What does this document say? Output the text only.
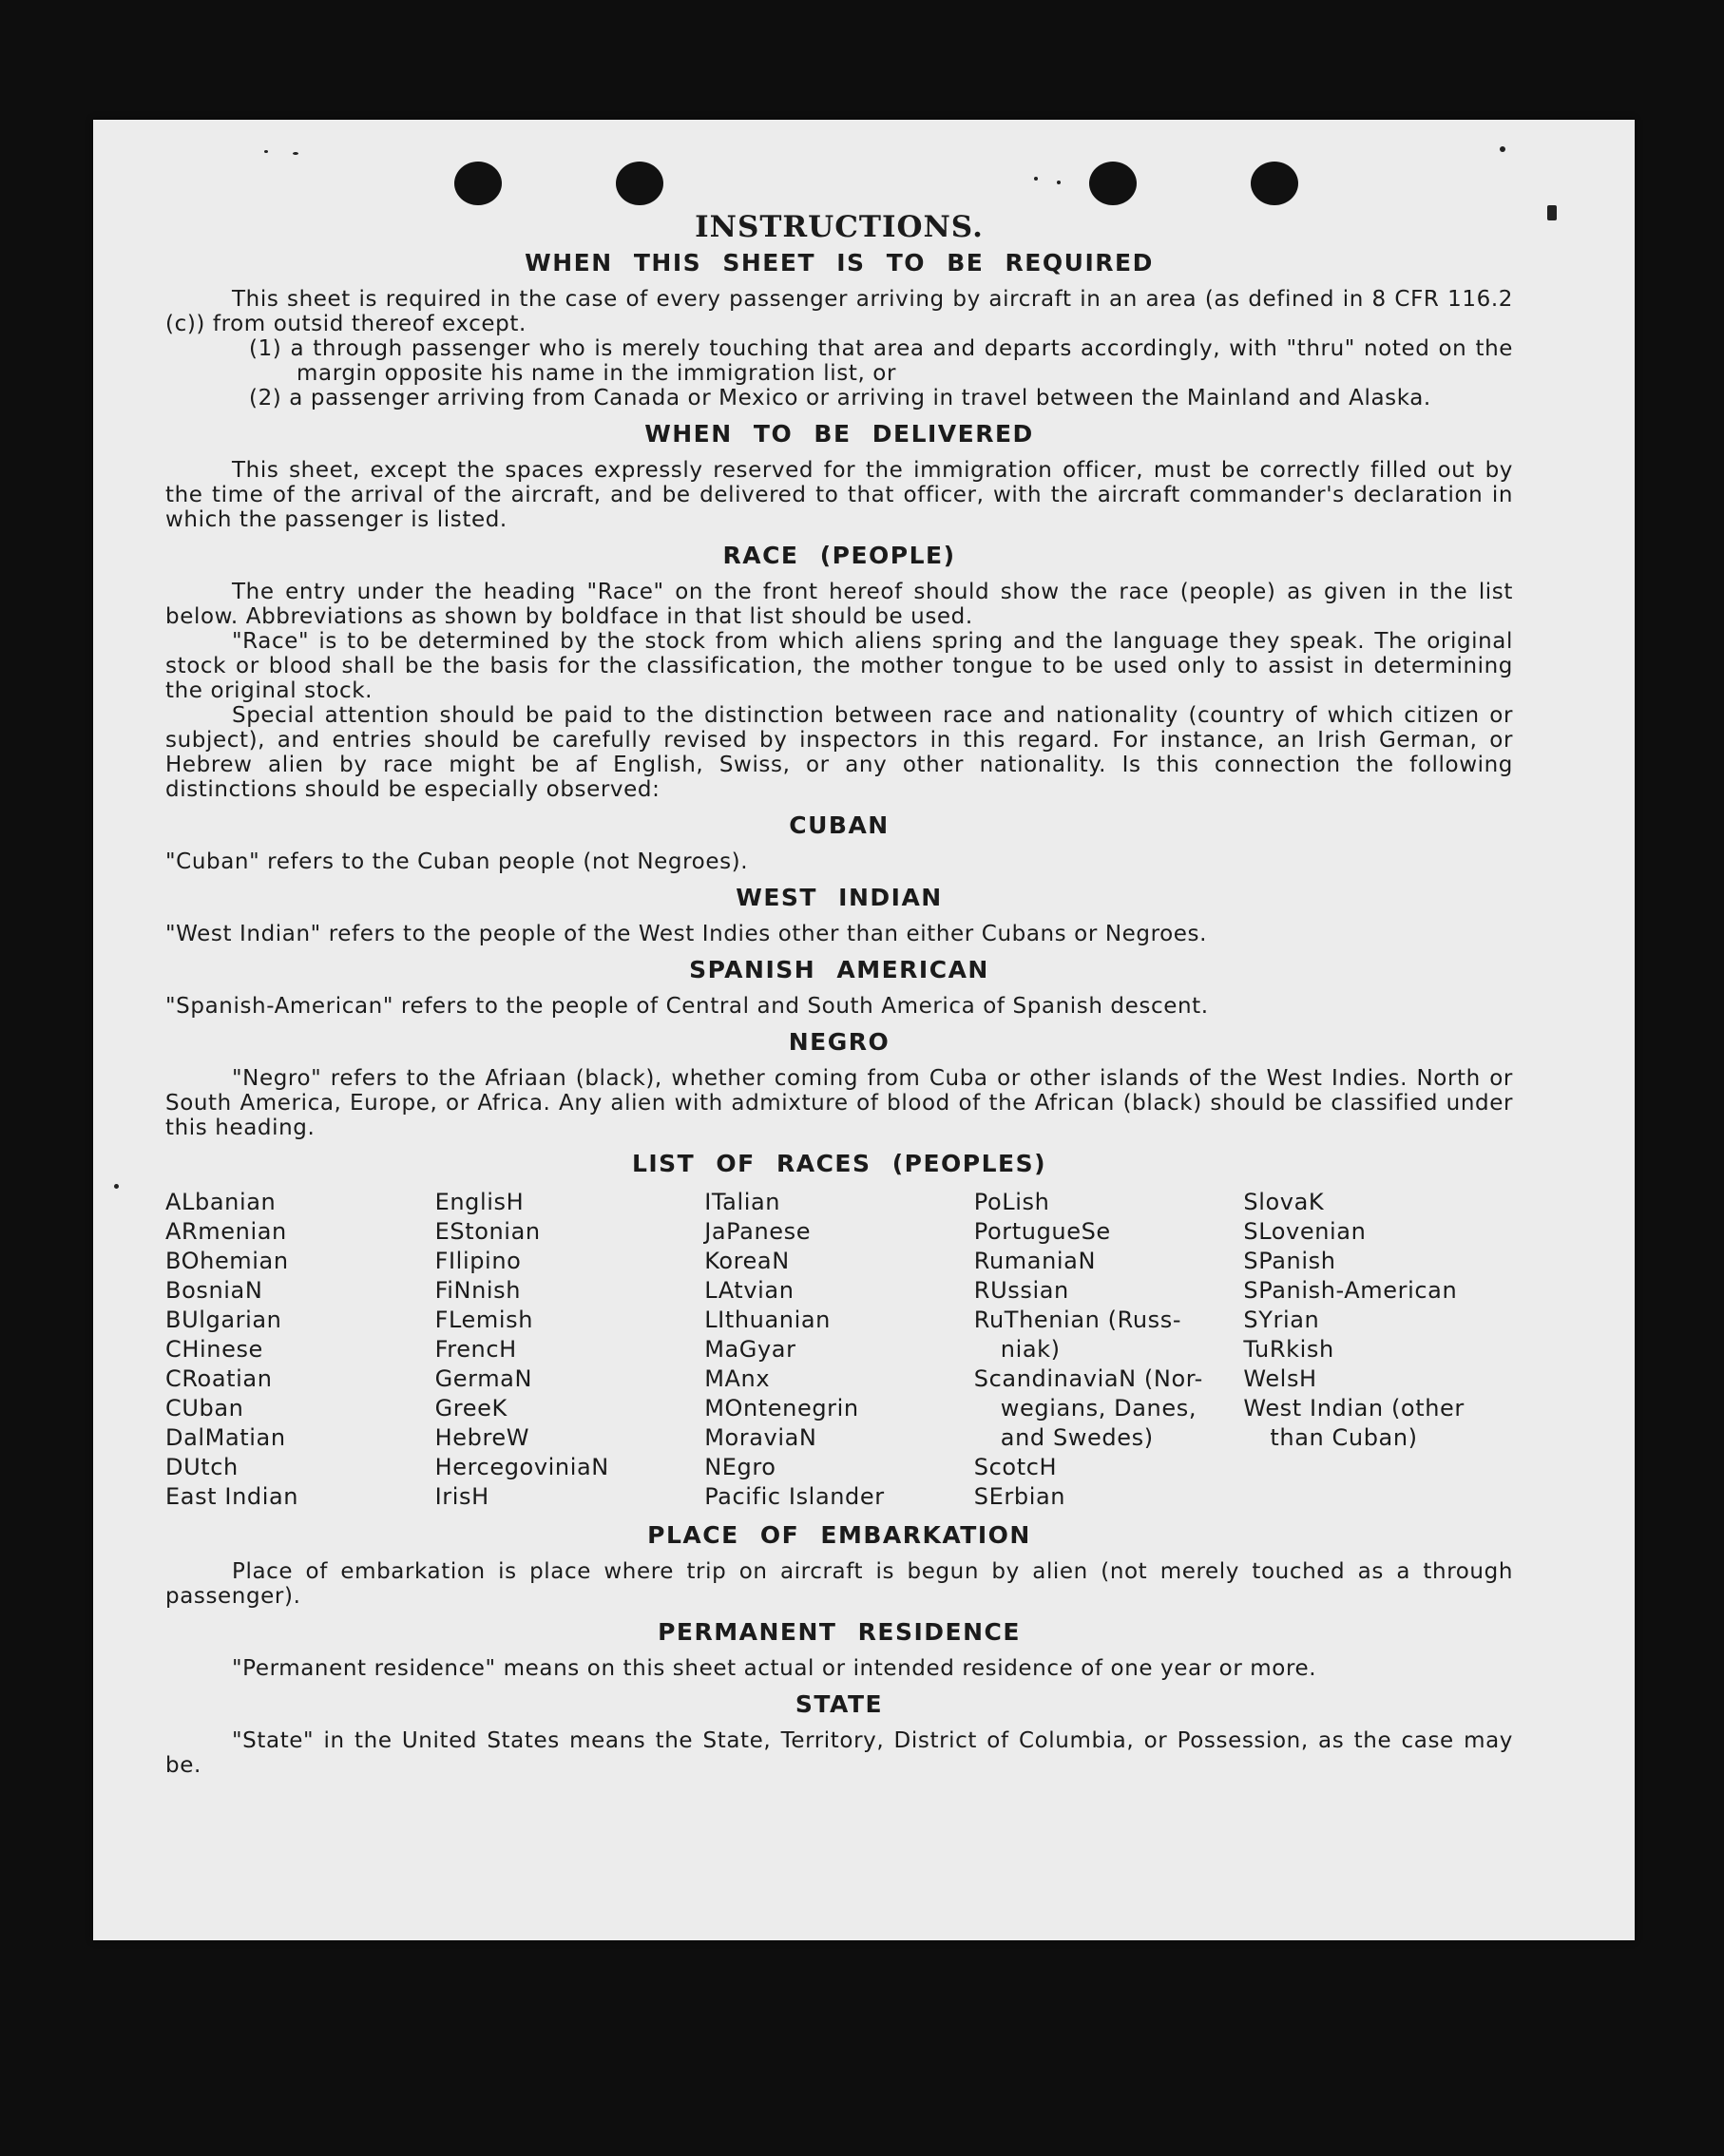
INSTRUCTIONS.
WHEN THIS SHEET IS TO BE REQUIRED

This sheet is required in the case of every passenger arriving by aircraft in an area (as defined in 8 CFR 116.2 (c)) from outsid thereof except.

(1) a through passenger who is merely touching that area and departs accordingly, with "thru" noted on the margin opposite his name in the immigration list, or

(2) a passenger arriving from Canada or Mexico or arriving in travel between the Mainland and Alaska.

WHEN TO BE DELIVERED

This sheet, except the spaces expressly reserved for the immigration officer, must be correctly filled out by the time of the arrival of the aircraft, and be delivered to that officer, with the aircraft commander's declaration in which the passenger is listed.

RACE (PEOPLE)

The entry under the heading "Race" on the front hereof should show the race (people) as given in the list below. Abbreviations as shown by boldface in that list should be used.

"Race" is to be determined by the stock from which aliens spring and the language they speak. The original stock or blood shall be the basis for the classification, the mother tongue to be used only to assist in determining the original stock.

Special attention should be paid to the distinction between race and nationality (country of which citizen or subject), and entries should be carefully revised by inspectors in this regard. For instance, an Irish German, or Hebrew alien by race might be af English, Swiss, or any other nationality. Is this connection the following distinctions should be especially observed:

CUBAN

"Cuban" refers to the Cuban people (not Negroes).

WEST INDIAN

"West Indian" refers to the people of the West Indies other than either Cubans or Negroes.

SPANISH AMERICAN

"Spanish-American" refers to the people of Central and South America of Spanish descent.

NEGRO

"Negro" refers to the Afriaan (black), whether coming from Cuba or other islands of the West Indies. North or South America, Europe, or Africa. Any alien with admixture of blood of the African (black) should be classified under this heading.

LIST OF RACES (PEOPLES)
ALbanian
ARmenian
BOhemian
BosniaN
BUlgarian
CHinese
CRoatian
CUban
DalMatian
DUtch
East Indian
EnglisH
EStonian
FIlipino
FiNnish
FLemish
FrencH
GermaN
GreeK
HebreW
HercegoviniaN
IrisH
ITalian
JaPanese
KoreaN
LAtvian
LIthuanian
MaGyar
MAnx
MOntenegrin
MoraviaN
NEgro
Pacific Islander
PoLish
PortugueSe
RumaniaN
RUssian
RuThenian (Russ-
niak)
ScandinaviaN (Nor-
wegians, Danes,
and Swedes)
ScotcH
SErbian
SlovaK
SLovenian
SPanish
SPanish-American
SYrian
TuRkish
WelsH
West Indian (other
than Cuban)
PLACE OF EMBARKATION

Place of embarkation is place where trip on aircraft is begun by alien (not merely touched as a through passenger).

PERMANENT RESIDENCE

"Permanent residence" means on this sheet actual or intended residence of one year or more.

STATE

"State" in the United States means the State, Territory, District of Columbia, or Possession, as the case may be.
